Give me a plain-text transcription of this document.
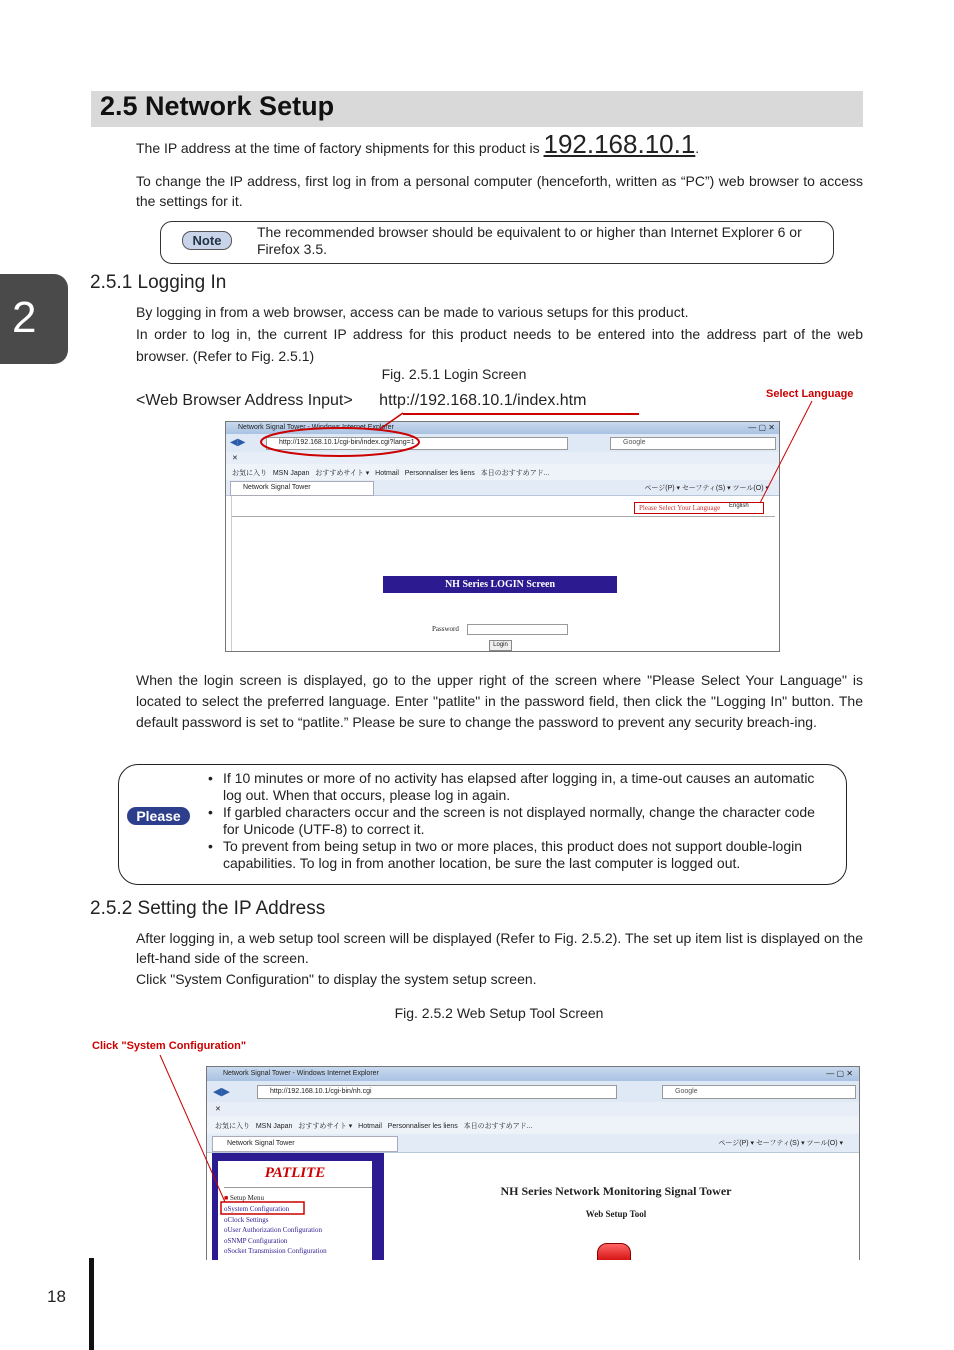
2.5 Network Setup
The IP address at the time of factory shipments for this product is 192.168.10.1.
To change the IP address, first log in from a personal computer (henceforth, written as “PC”) web browser to access the settings for it.
Note
The recommended browser should be equivalent to or higher than Internet Explorer 6 or Firefox 3.5.
2
2.5.1 Logging In
By logging in from a web browser, access can be made to various setups for this product.
In order to log in, the current IP address for this product needs to be entered into the address part of the web browser. (Refer to Fig. 2.5.1)
Fig. 2.5.1 Login Screen
<Web Browser Address Input> http://192.168.10.1/index.htm	Select Language
Network Signal Tower - Windows Internet Explorer	— ▢ ✕
◀▶	http://192.168.10.1/cgi-bin/index.cgi?lang=1	Google
✕
お気に入り MSN Japan おすすめサイト ▾ Hotmail Personnaliser les liens 本日のおすすめアド...
Network Signal Tower	ページ(P) ▾ セーフティ(S) ▾ ツール(O) ▾
Please Select Your Language English
NH Series LOGIN Screen
Password
Login
When the login screen is displayed, go to the upper right of the screen where "Please Select Your Language" is located to select the preferred language. Enter "patlite" in the password field, then click the "Logging In" button. The default password is set to “patlite.” Please be sure to change the password to prevent any security breach-ing.
Please
• If 10 minutes or more of no activity has elapsed after logging in, a time-out causes an automatic log out. When that occurs, please log in again.
• If garbled characters occur and the screen is not displayed normally, change the character code for Unicode (UTF-8) to correct it.
• To prevent from being setup in two or more places, this product does not support double-login capabilities. To log in from another location, be sure the last computer is logged out.
2.5.2 Setting the IP Address
After logging in, a web setup tool screen will be displayed (Refer to Fig. 2.5.2). The set up item list is displayed on the left-hand side of the screen.
Click "System Configuration" to display the system setup screen.
Fig. 2.5.2 Web Setup Tool Screen
Click "System Configuration"
Network Signal Tower - Windows Internet Explorer	— ▢ ✕
◀▶	http://192.168.10.1/cgi-bin/nh.cgi	Google
✕
お気に入り MSN Japan おすすめサイト ▾ Hotmail Personnaliser les liens 本日のおすすめアド...
Network Signal Tower	ページ(P) ▾ セーフティ(S) ▾ ツール(O) ▾
PATLITE
■ Setup Menu
oSystem Configuration
oClock Settings
oUser Authorization Configuration
oSNMP Configuration
oSocket Transmission Configuration
NH Series Network Monitoring Signal Tower
Web Setup Tool
18
